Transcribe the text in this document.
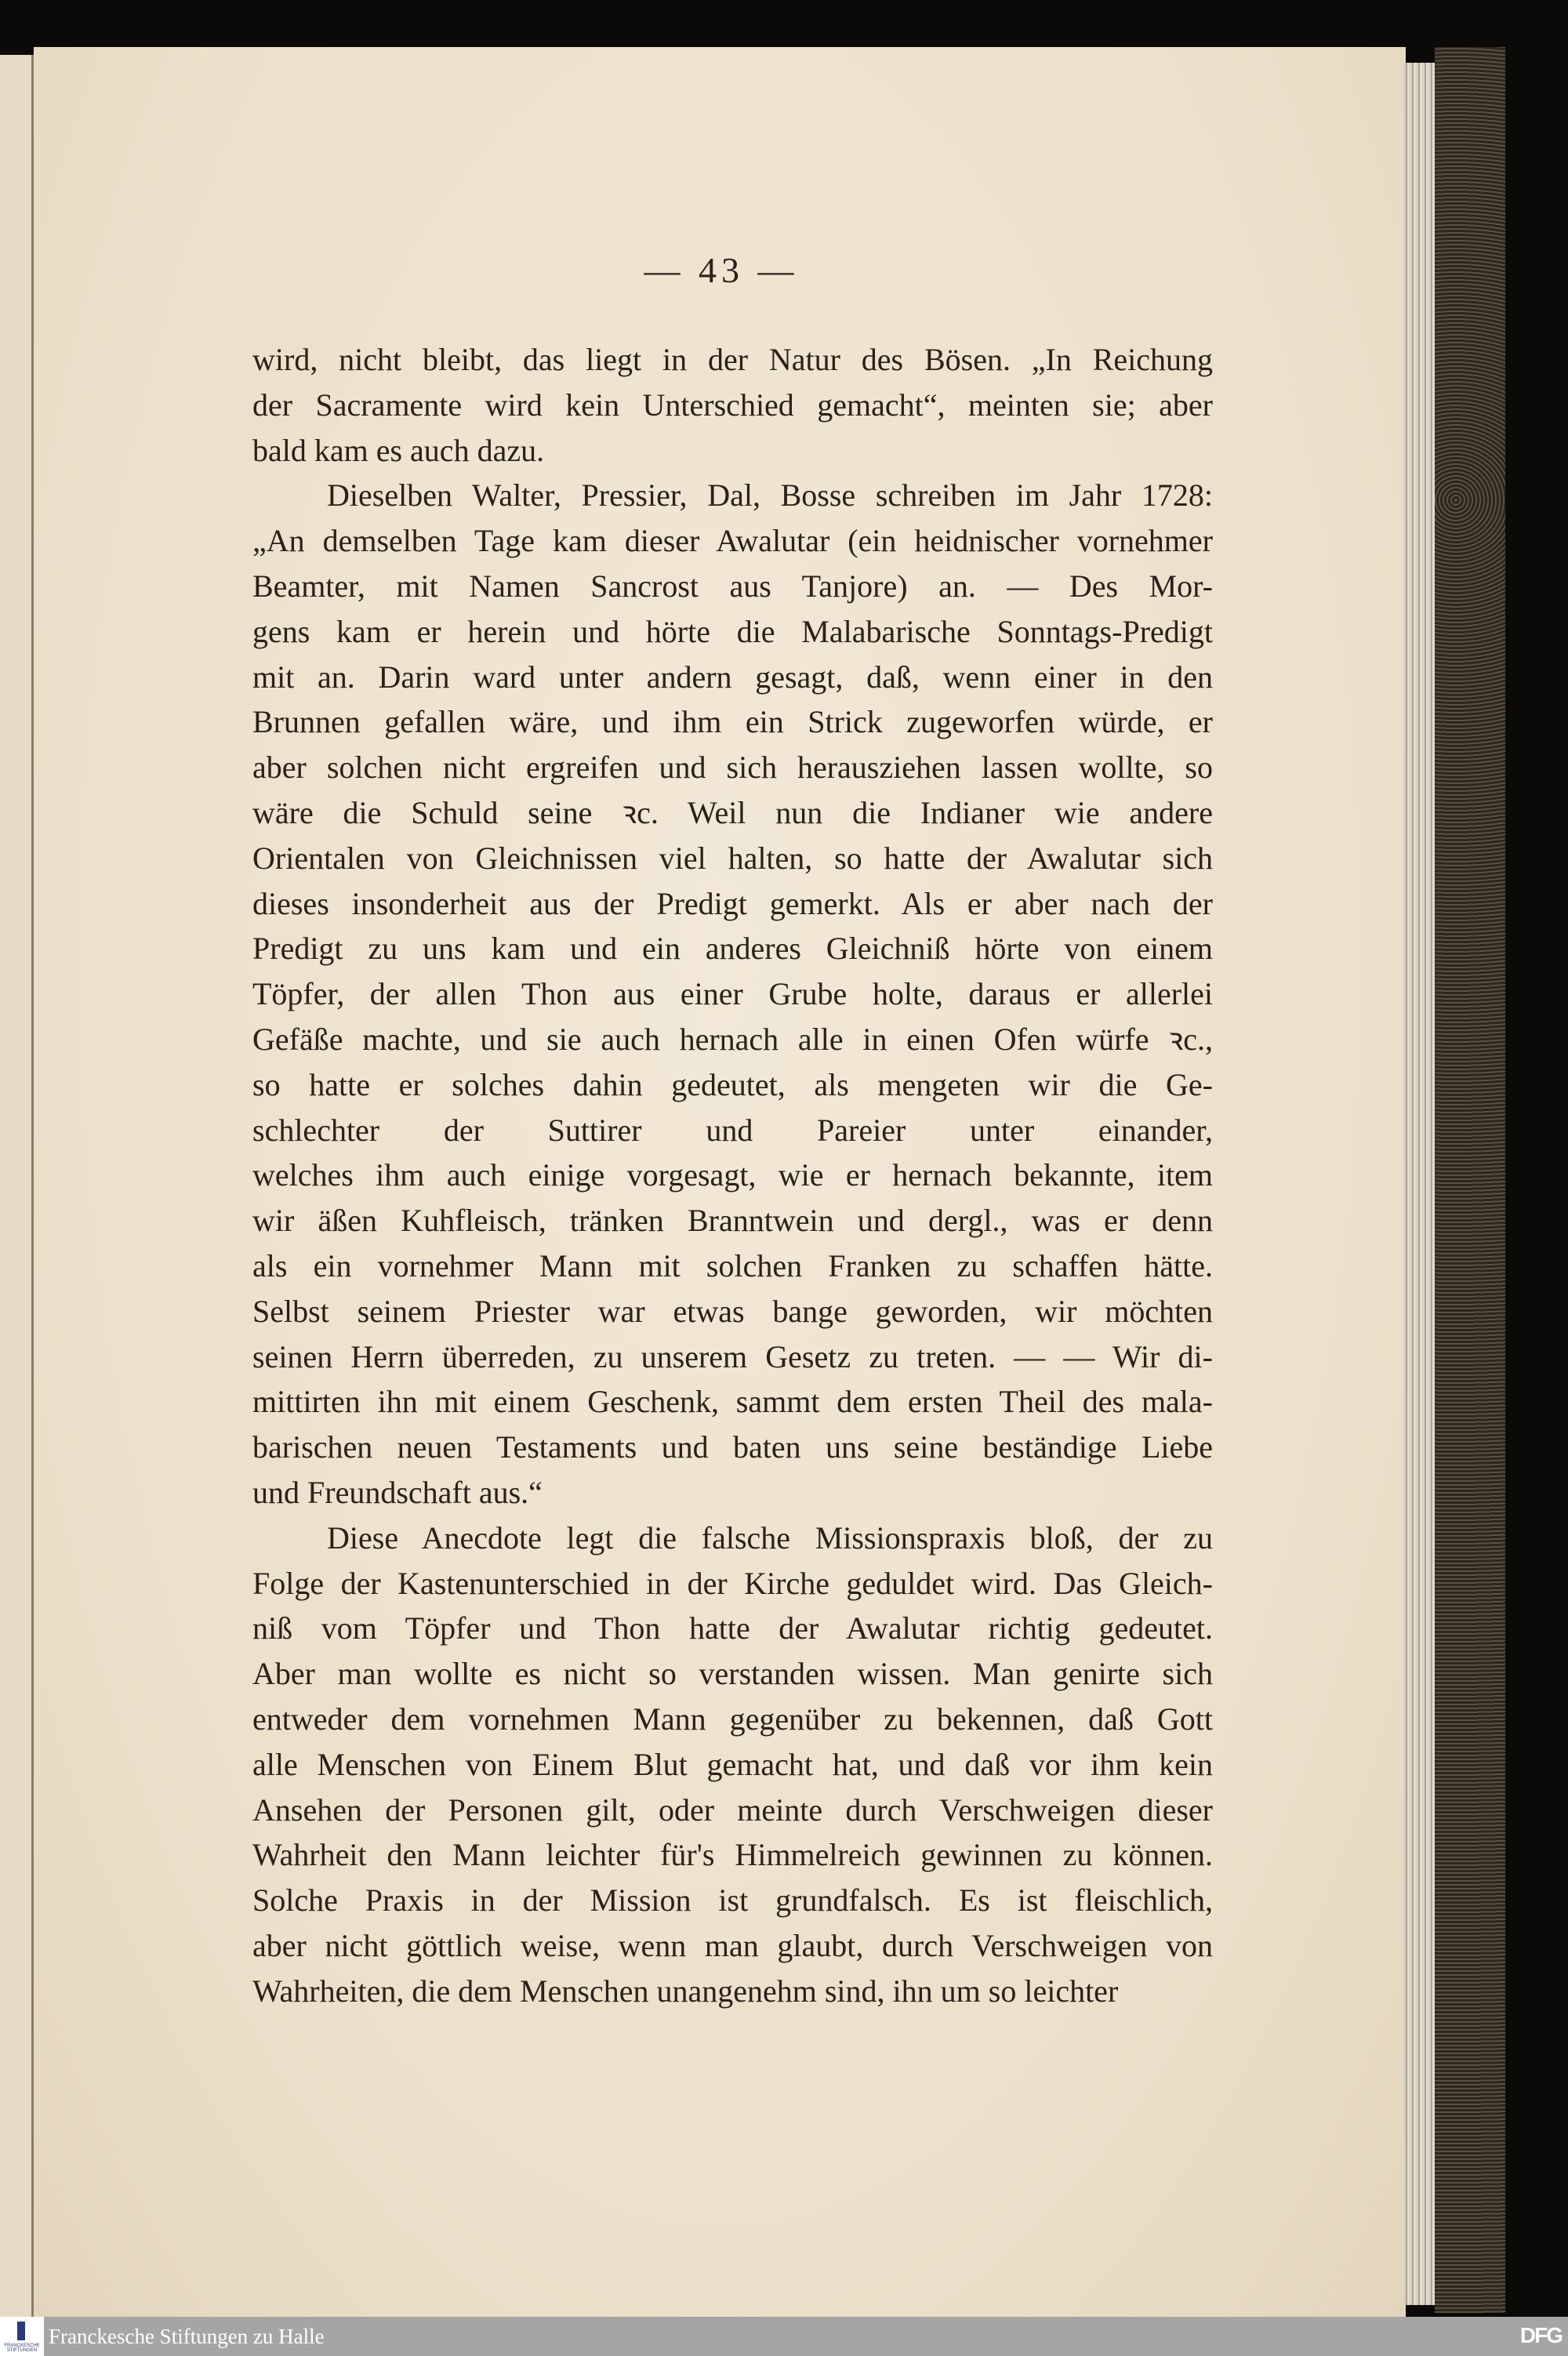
— 43 —
wird, nicht bleibt, das liegt in der Natur des Bösen. „In Reichung
der Sacramente wird kein Unterschied gemacht“, meinten sie; aber
bald kam es auch dazu.
Dieselben Walter, Pressier, Dal, Bosse schreiben im Jahr 1728:
„An demselben Tage kam dieser Awalutar (ein heidnischer vornehmer
Beamter, mit Namen Sancrost aus Tanjore) an. — Des Mor-
gens kam er herein und hörte die Malabarische Sonntags-Predigt
mit an. Darin ward unter andern gesagt, daß, wenn einer in den
Brunnen gefallen wäre, und ihm ein Strick zugeworfen würde, er
aber solchen nicht ergreifen und sich herausziehen lassen wollte, so
wäre die Schuld seine ꝛc. Weil nun die Indianer wie andere
Orientalen von Gleichnissen viel halten, so hatte der Awalutar sich
dieses insonderheit aus der Predigt gemerkt. Als er aber nach der
Predigt zu uns kam und ein anderes Gleichniß hörte von einem
Töpfer, der allen Thon aus einer Grube holte, daraus er allerlei
Gefäße machte, und sie auch hernach alle in einen Ofen würfe ꝛc.,
so hatte er solches dahin gedeutet, als mengeten wir die Ge-
schlechter der Suttirer und Pareier unter einander,
welches ihm auch einige vorgesagt, wie er hernach bekannte, item
wir äßen Kuhfleisch, tränken Branntwein und dergl., was er denn
als ein vornehmer Mann mit solchen Franken zu schaffen hätte.
Selbst seinem Priester war etwas bange geworden, wir möchten
seinen Herrn überreden, zu unserem Gesetz zu treten. — — Wir di-
mittirten ihn mit einem Geschenk, sammt dem ersten Theil des mala-
barischen neuen Testaments und baten uns seine beständige Liebe
und Freundschaft aus.“
Diese Anecdote legt die falsche Missionspraxis bloß, der zu
Folge der Kastenunterschied in der Kirche geduldet wird. Das Gleich-
niß vom Töpfer und Thon hatte der Awalutar richtig gedeutet.
Aber man wollte es nicht so verstanden wissen. Man genirte sich
entweder dem vornehmen Mann gegenüber zu bekennen, daß Gott
alle Menschen von Einem Blut gemacht hat, und daß vor ihm kein
Ansehen der Personen gilt, oder meinte durch Verschweigen dieser
Wahrheit den Mann leichter für's Himmelreich gewinnen zu können.
Solche Praxis in der Mission ist grundfalsch. Es ist fleischlich,
aber nicht göttlich weise, wenn man glaubt, durch Verschweigen von
Wahrheiten, die dem Menschen unangenehm sind, ihn um so leichter
FRANCKESCHE STIFTUNGEN
Franckesche Stiftungen zu Halle	DFG
